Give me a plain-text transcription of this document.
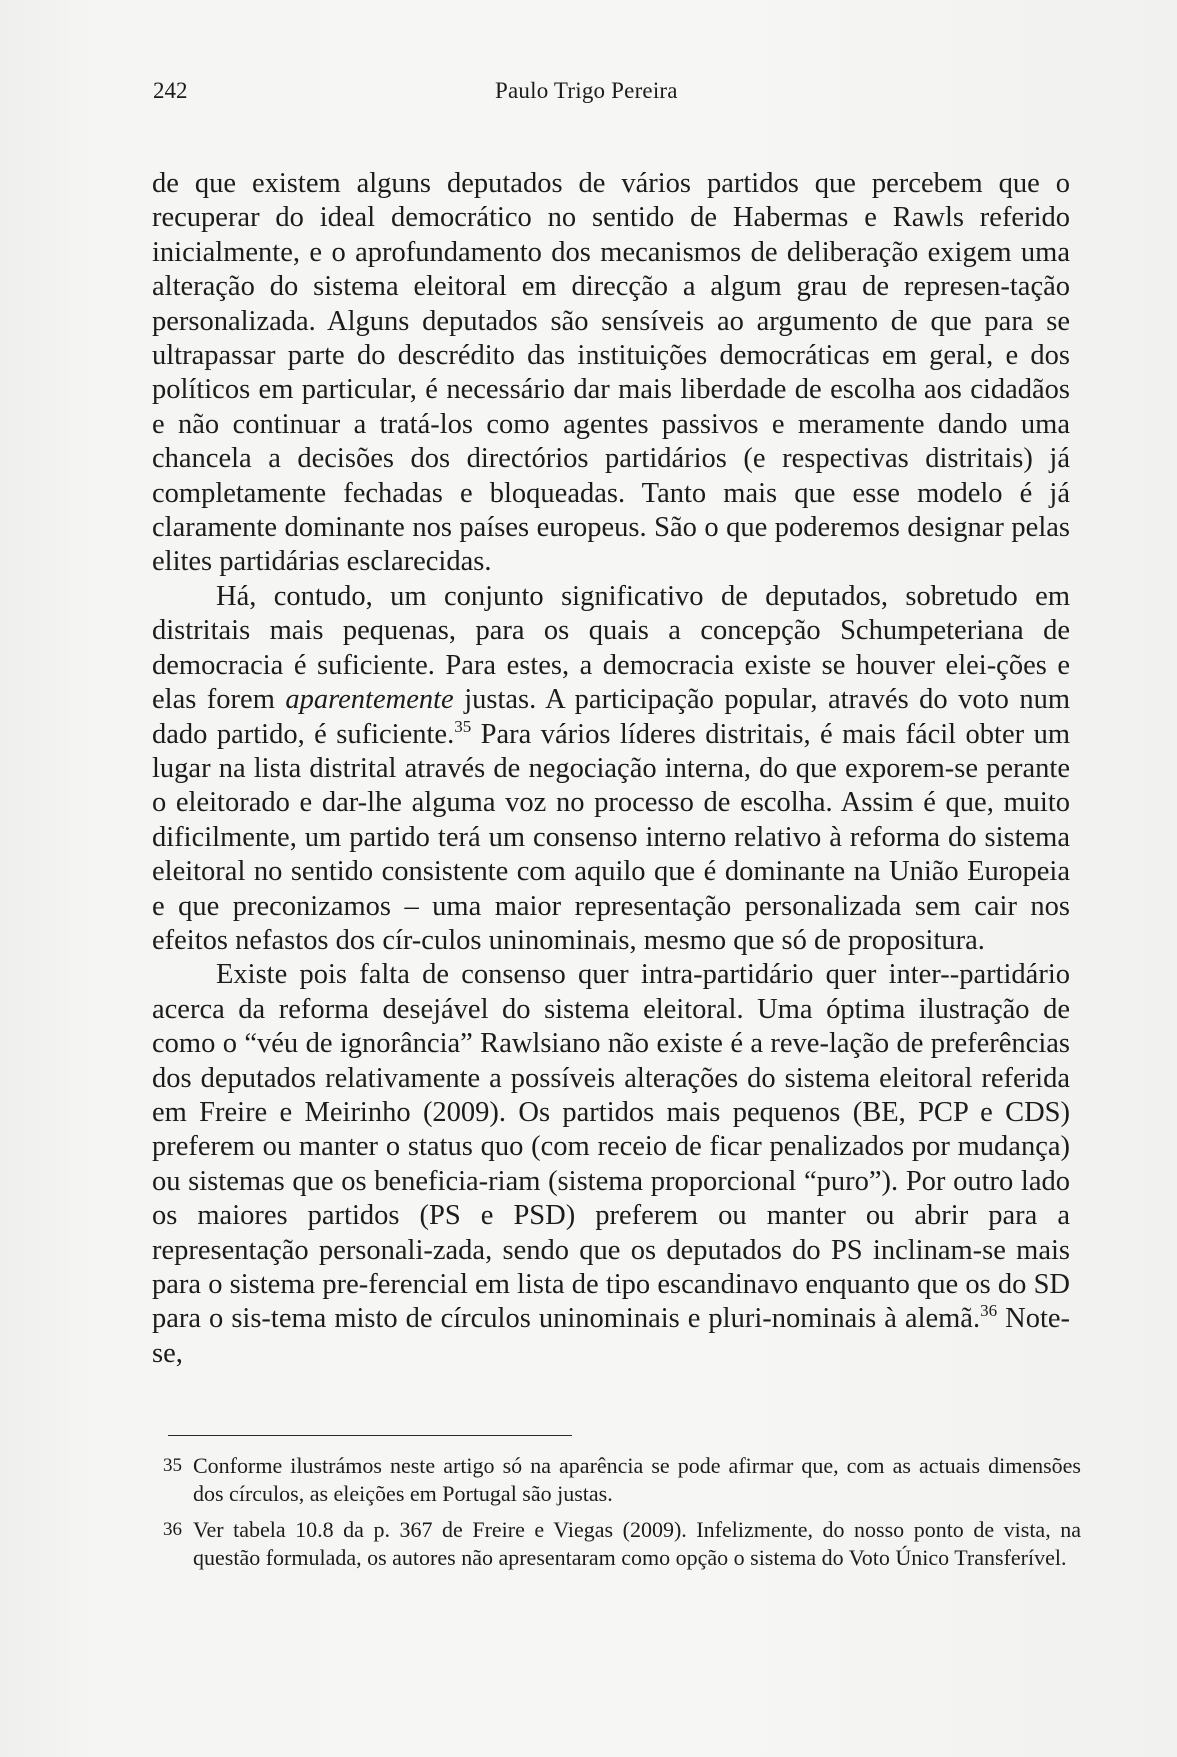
242	Paulo Trigo Pereira

de que existem alguns deputados de vários partidos que percebem que o recuperar do ideal democrático no sentido de Habermas e Rawls referido inicialmente, e o aprofundamento dos mecanismos de deliberação exigem uma alteração do sistema eleitoral em direcção a algum grau de represen-tação personalizada. Alguns deputados são sensíveis ao argumento de que para se ultrapassar parte do descrédito das instituições democráticas em geral, e dos políticos em particular, é necessário dar mais liberdade de escolha aos cidadãos e não continuar a tratá-los como agentes passivos e meramente dando uma chancela a decisões dos directórios partidários (e respectivas distritais) já completamente fechadas e bloqueadas. Tanto mais que esse modelo é já claramente dominante nos países europeus. São o que poderemos designar pelas elites partidárias esclarecidas.

Há, contudo, um conjunto significativo de deputados, sobretudo em distritais mais pequenas, para os quais a concepção Schumpeteriana de democracia é suficiente. Para estes, a democracia existe se houver elei-ções e elas forem aparentemente justas. A participação popular, através do voto num dado partido, é suficiente.$^{35}$ Para vários líderes distritais, é mais fácil obter um lugar na lista distrital através de negociação interna, do que exporem-se perante o eleitorado e dar-lhe alguma voz no processo de escolha. Assim é que, muito dificilmente, um partido terá um consenso interno relativo à reforma do sistema eleitoral no sentido consistente com aquilo que é dominante na União Europeia e que preconizamos – uma maior representação personalizada sem cair nos efeitos nefastos dos cír-culos uninominais, mesmo que só de propositura.

Existe pois falta de consenso quer intra-partidário quer inter--partidário acerca da reforma desejável do sistema eleitoral. Uma óptima ilustração de como o “véu de ignorância” Rawlsiano não existe é a reve-lação de preferências dos deputados relativamente a possíveis alterações do sistema eleitoral referida em Freire e Meirinho (2009). Os partidos mais pequenos (BE, PCP e CDS) preferem ou manter o status quo (com receio de ficar penalizados por mudança) ou sistemas que os beneficia-riam (sistema proporcional “puro”). Por outro lado os maiores partidos (PS e PSD) preferem ou manter ou abrir para a representação personali-zada, sendo que os deputados do PS inclinam-se mais para o sistema pre-ferencial em lista de tipo escandinavo enquanto que os do SD para o sis-tema misto de círculos uninominais e pluri-nominais à alemã.$^{36}$ Note-se,

35 Conforme ilustrámos neste artigo só na aparência se pode afirmar que, com as actuais dimensões dos círculos, as eleições em Portugal são justas.
36 Ver tabela 10.8 da p. 367 de Freire e Viegas (2009). Infelizmente, do nosso ponto de vista, na questão formulada, os autores não apresentaram como opção o sistema do Voto Único Transferível.
